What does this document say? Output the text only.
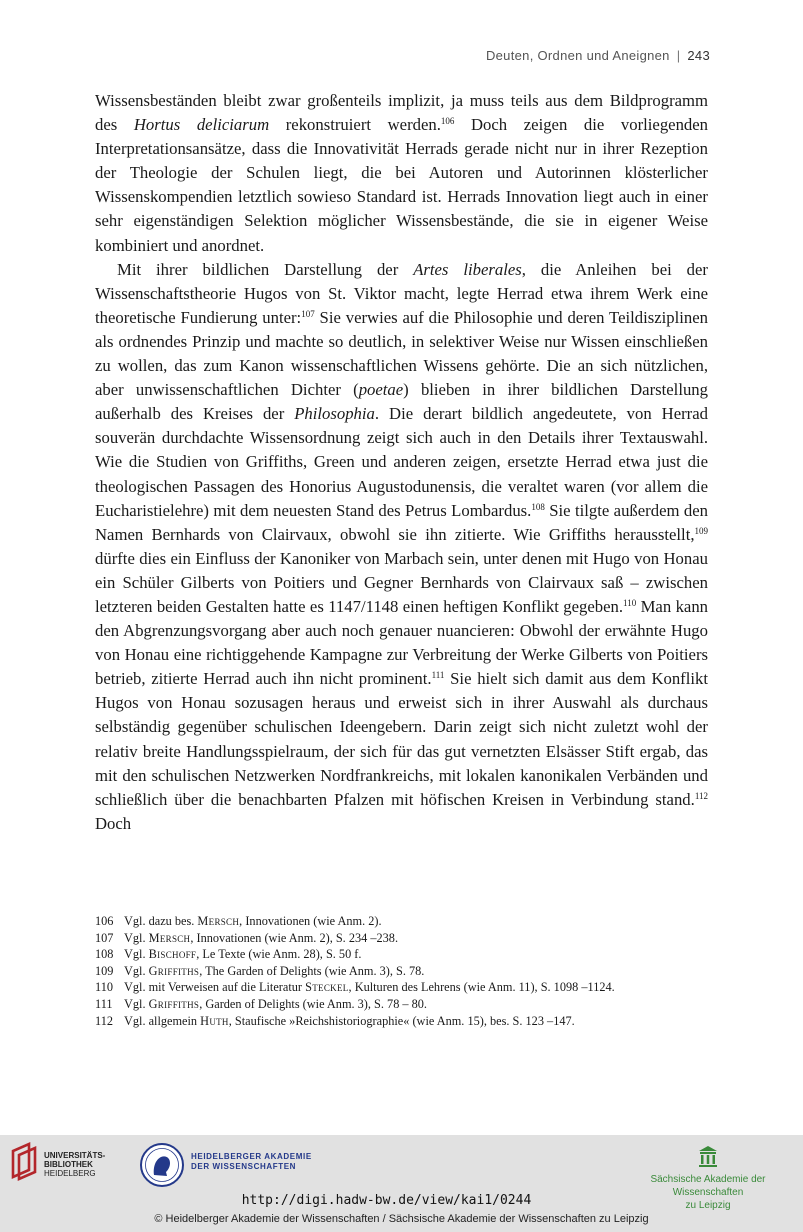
Deuten, Ordnen und Aneignen | 243

Wissensbeständen bleibt zwar großenteils implizit, ja muss teils aus dem Bildprogramm des Hortus deliciarum rekonstruiert werden.$^{106}$ Doch zeigen die vorliegenden Interpretationsansätze, dass die Innovativität Herrads gerade nicht nur in ihrer Rezeption der Theologie der Schulen liegt, die bei Autoren und Autorinnen klösterlicher Wissenskompendien letztlich sowieso Standard ist. Herrads Innovation liegt auch in einer sehr eigenständigen Selektion möglicher Wissensbestände, die sie in eigener Weise kombiniert und anordnet.

Mit ihrer bildlichen Darstellung der Artes liberales, die Anleihen bei der Wissenschaftstheorie Hugos von St. Viktor macht, legte Herrad etwa ihrem Werk eine theoretische Fundierung unter:$^{107}$ Sie verwies auf die Philosophie und deren Teildisziplinen als ordnendes Prinzip und machte so deutlich, in selektiver Weise nur Wissen einschließen zu wollen, das zum Kanon wissenschaftlichen Wissens gehörte. Die an sich nützlichen, aber unwissenschaftlichen Dichter (poetae) blieben in ihrer bildlichen Darstellung außerhalb des Kreises der Philosophia. Die derart bildlich angedeutete, von Herrad souverän durchdachte Wissensordnung zeigt sich auch in den Details ihrer Textauswahl. Wie die Studien von Griffiths, Green und anderen zeigen, ersetzte Herrad etwa just die theologischen Passagen des Honorius Augustodunensis, die veraltet waren (vor allem die Eucharistielehre) mit dem neuesten Stand des Petrus Lombardus.$^{108}$ Sie tilgte außerdem den Namen Bernhards von Clairvaux, obwohl sie ihn zitierte. Wie Griffiths herausstellt,$^{109}$ dürfte dies ein Einfluss der Kanoniker von Marbach sein, unter denen mit Hugo von Honau ein Schüler Gilberts von Poitiers und Gegner Bernhards von Clairvaux saß – zwischen letzteren beiden Gestalten hatte es 1147/1148 einen heftigen Konflikt gegeben.$^{110}$ Man kann den Abgrenzungsvorgang aber auch noch genauer nuancieren: Obwohl der erwähnte Hugo von Honau eine richtiggehende Kampagne zur Verbreitung der Werke Gilberts von Poitiers betrieb, zitierte Herrad auch ihn nicht prominent.$^{111}$ Sie hielt sich damit aus dem Konflikt Hugos von Honau sozusagen heraus und erweist sich in ihrer Auswahl als durchaus selbständig gegenüber schulischen Ideengebern. Darin zeigt sich nicht zuletzt wohl der relativ breite Handlungsspielraum, der sich für das gut vernetzten Elsässer Stift ergab, das mit den schulischen Netzwerken Nordfrankreichs, mit lokalen kanonikalen Verbänden und schließlich über die benachbarten Pfalzen mit höfischen Kreisen in Verbindung stand.$^{112}$ Doch

106 Vgl. dazu bes. Mersch, Innovationen (wie Anm. 2).
107 Vgl. Mersch, Innovationen (wie Anm. 2), S. 234 –238.
108 Vgl. Bischoff, Le Texte (wie Anm. 28), S. 50 f.
109 Vgl. Griffiths, The Garden of Delights (wie Anm. 3), S. 78.
110 Vgl. mit Verweisen auf die Literatur Steckel, Kulturen des Lehrens (wie Anm. 11), S. 1098 –1124.
111 Vgl. Griffiths, Garden of Delights (wie Anm. 3), S. 78 – 80.
112 Vgl. allgemein Huth, Staufische »Reichshistoriographie« (wie Anm. 15), bes. S. 123 –147.
UNIVERSITÄTS-
BIBLIOTHEK
HEIDELBERG
HEIDELBERGER AKADEMIE
DER WISSENSCHAFTEN
Sächsische Akademie der Wissenschaften
zu Leipzig
http://digi.hadw-bw.de/view/kai1/0244
© Heidelberger Akademie der Wissenschaften / Sächsische Akademie der Wissenschaften zu Leipzig
